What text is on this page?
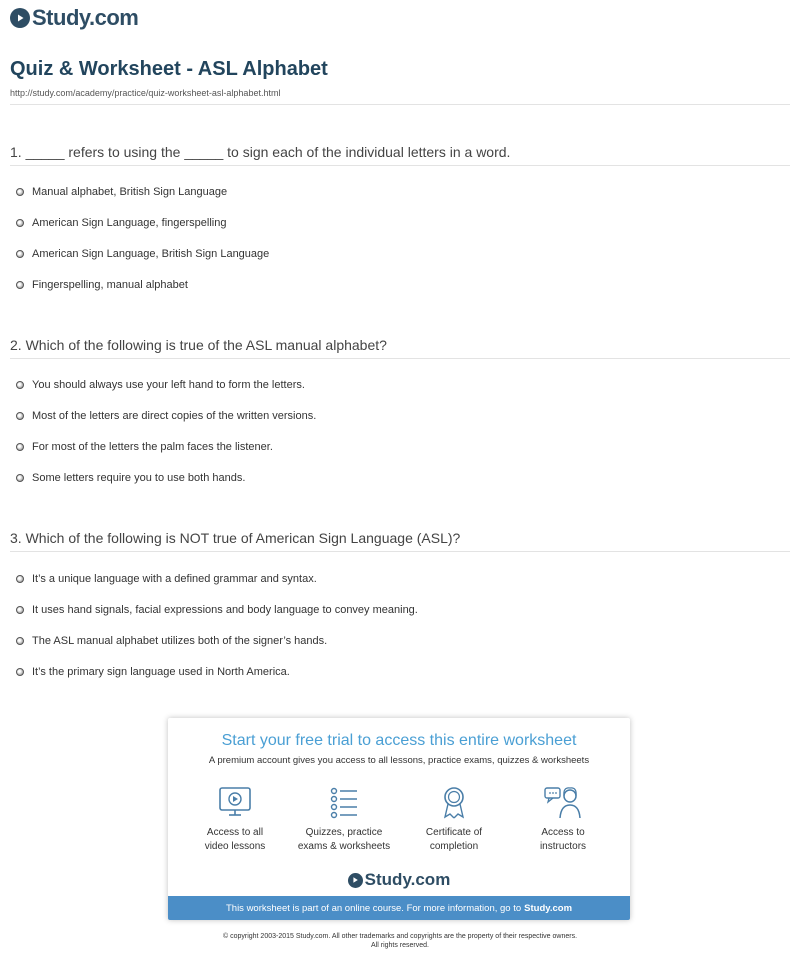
Study.com
Quiz & Worksheet - ASL Alphabet
http://study.com/academy/practice/quiz-worksheet-asl-alphabet.html
1. _____ refers to using the _____ to sign each of the individual letters in a word.
Manual alphabet, British Sign Language
American Sign Language, fingerspelling
American Sign Language, British Sign Language
Fingerspelling, manual alphabet
2. Which of the following is true of the ASL manual alphabet?
You should always use your left hand to form the letters.
Most of the letters are direct copies of the written versions.
For most of the letters the palm faces the listener.
Some letters require you to use both hands.
3. Which of the following is NOT true of American Sign Language (ASL)?
It’s a unique language with a defined grammar and syntax.
It uses hand signals, facial expressions and body language to convey meaning.
The ASL manual alphabet utilizes both of the signer’s hands.
It’s the primary sign language used in North America.
Start your free trial to access this entire worksheet
A premium account gives you access to all lessons, practice exams, quizzes & worksheets
Access to all
video lessons
Quizzes, practice
exams & worksheets
Certificate of
completion
Access to
instructors
Study.com
This worksheet is part of an online course. For more information, go to Study.com
© copyright 2003-2015 Study.com. All other trademarks and copyrights are the property of their respective owners.
All rights reserved.
